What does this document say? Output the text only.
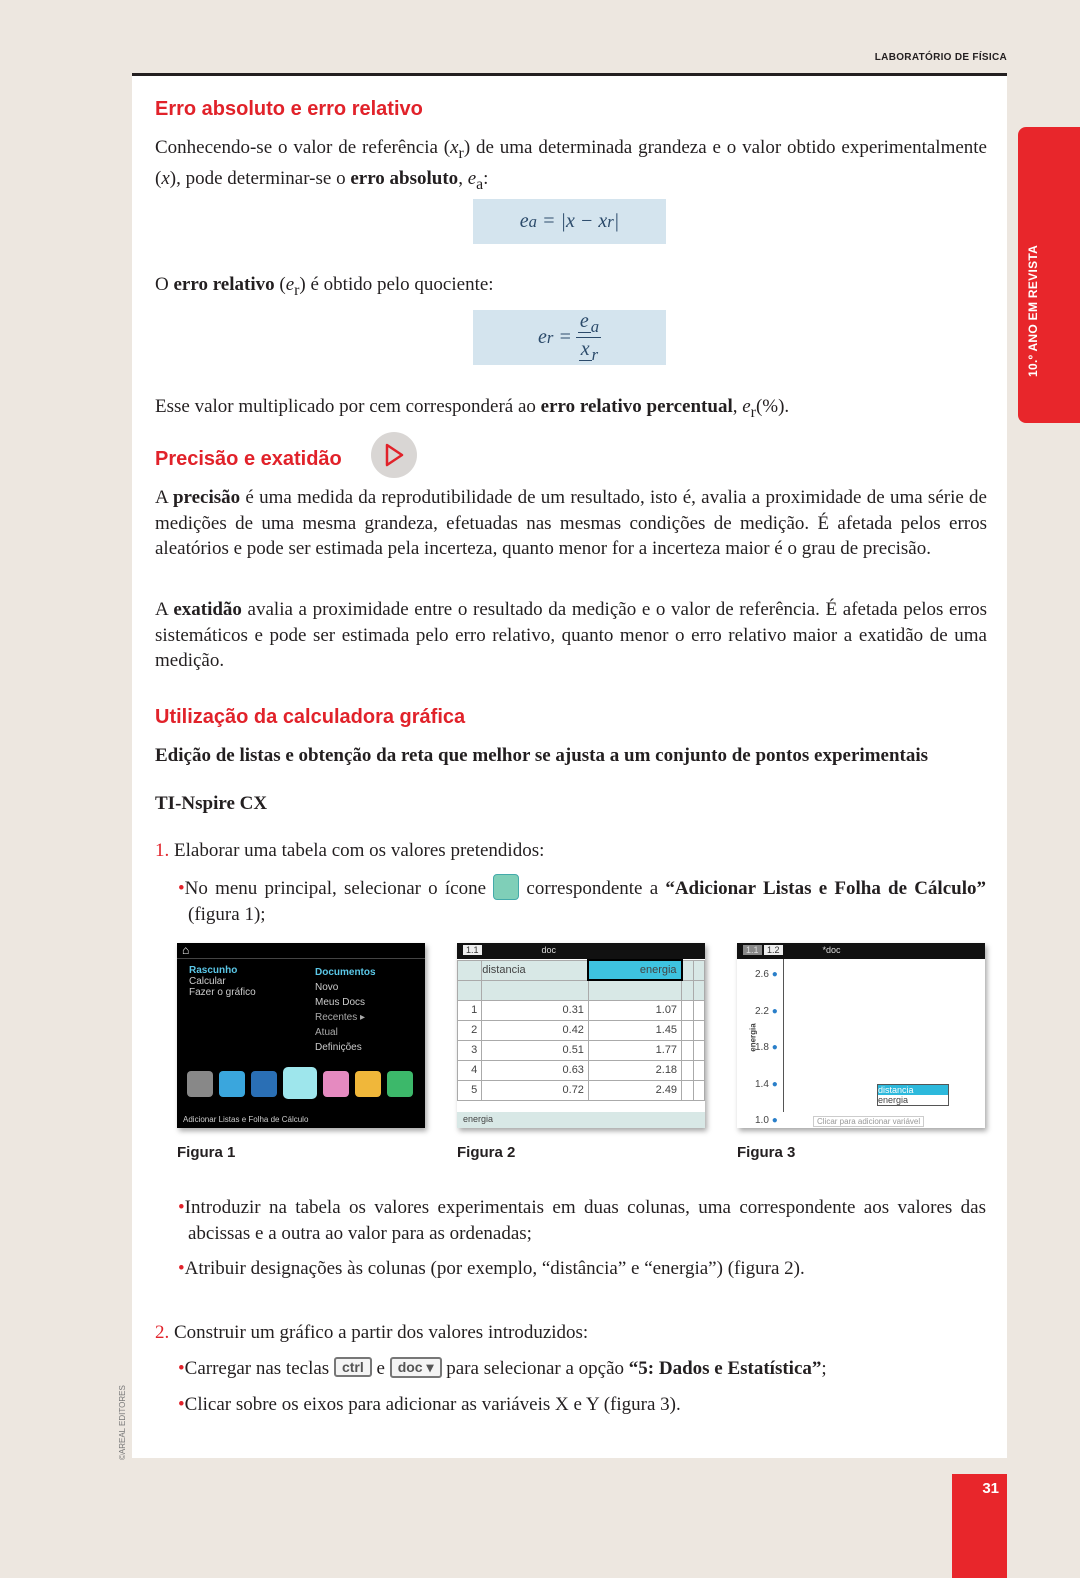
LABORATÓRIO DE FÍSICA
10.º ANO EM REVISTA
©AREAL EDITORES
31
Erro absoluto e erro relativo

Conhecendo-se o valor de referência $(x_r)$ de uma determinada grandeza e o valor obtido experimentalmente (x), pode determinar-se o erro absoluto, $e_a$:

e a
= |x − x r |

O erro relativo $(e_r)$ é obtido pelo quociente:

e $r = \frac{e _a}{x _r}$

Esse valor multiplicado por cem corresponderá ao erro relativo percentual, $e_r(\%)$.

Precisão e exatidão

A precisão é uma medida da reprodutibilidade de um resultado, isto é, avalia a proximidade de uma série de medições de uma mesma grandeza, efetuadas nas mesmas condições de medição. É afetada pelos erros aleatórios e pode ser estimada pela incerteza, quanto menor for a incerteza maior é o grau de precisão.

A exatidão avalia a proximidade entre o resultado da medição e o valor de referência. É afetada pelos erros sistemáticos e pode ser estimada pelo erro relativo, quanto menor o erro relativo maior a exatidão de uma medição.

Utilização da calculadora gráfica

Edição de listas e obtenção da reta que melhor se ajusta a um conjunto de pontos experimentais

TI-Nspire CX

1. Elaborar uma tabela com os valores pretendidos:

•No menu principal, selecionar o ícone  correspondente a “Adicionar Listas e Folha de Cálculo” (figura 1);

⌂
Rascunho
Calcular
Fazer o gráfico
Documentos
Novo
Meus Docs
Recentes ▸
Atual
Definições
Adicionar Listas e Folha de Cálculo
1.1	doc
	distancia	energia		

1	0.31	1.07		
2	0.42	1.45		
3	0.51	1.77		
4	0.63	2.18		
5	0.72	2.49		
energia
1.1 1.2	*doc
energia
2.6 ●
2.2 ●
1.8 ●
1.4 ●
1.0 ●
distancia
energia
Clicar para adicionar variável
Figura 1	Figura 2	Figura 3

•Introduzir na tabela os valores experimentais em duas colunas, uma correspondente aos valores das abcissas e a outra ao valor para as ordenadas;

•Atribuir designações às colunas (por exemplo, “distância” e “energia”) (figura 2).

2. Construir um gráfico a partir dos valores introduzidos:

•Carregar nas teclas ctrl e doc ▾ para selecionar a opção “5: Dados e Estatística”;

•Clicar sobre os eixos para adicionar as variáveis X e Y (figura 3).
